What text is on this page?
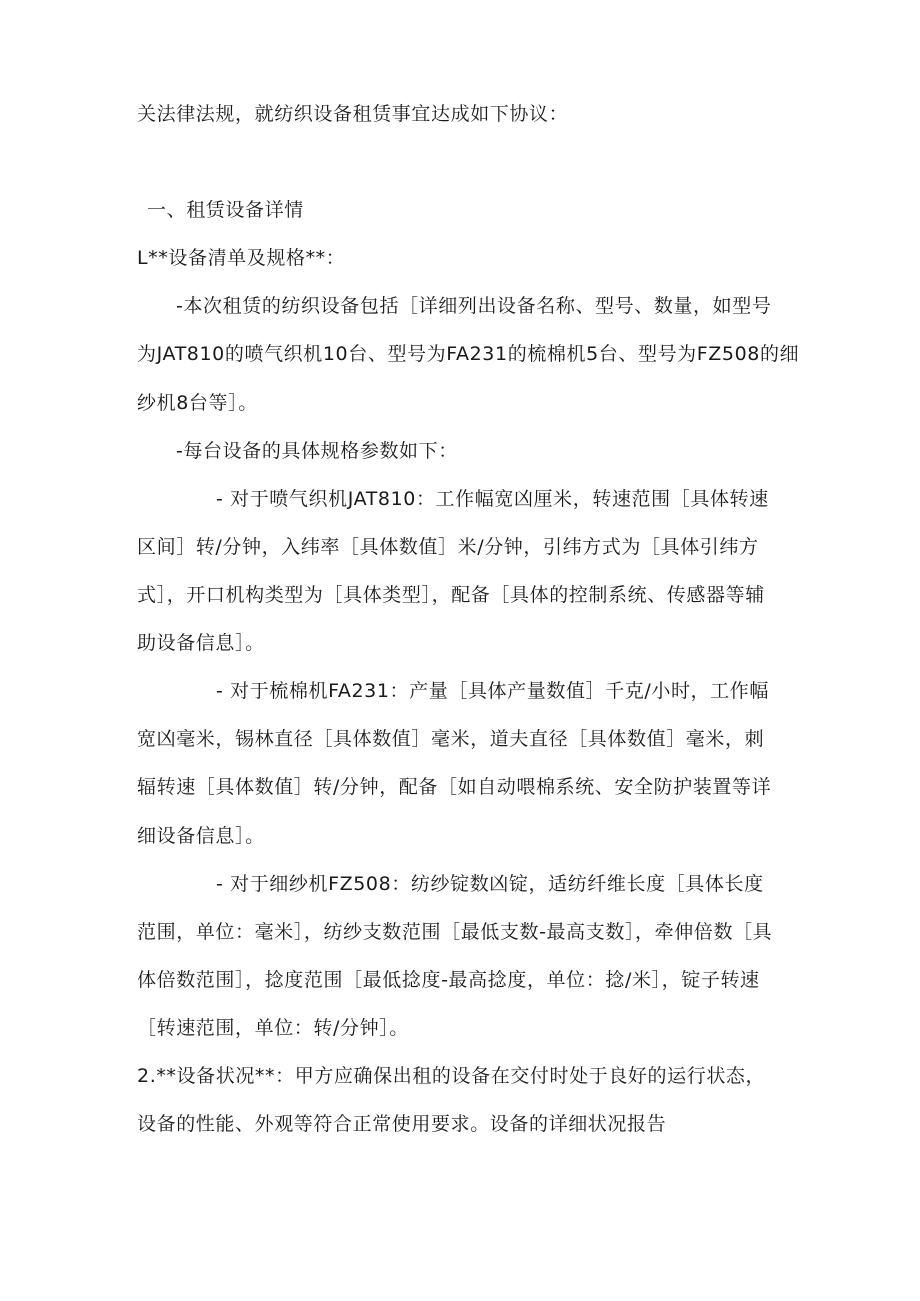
关法律法规，就纺织设备租赁事宜达成如下协议：
一、租赁设备详情
L**设备清单及规格**：
-本次租赁的纺织设备包括［详细列出设备名称、型号、数量，如型号
为JAT810的喷气织机10台、型号为FA231的梳棉机5台、型号为FZ508的细
纱机8台等］。
-每台设备的具体规格参数如下：
- 对于喷气织机JAT810：工作幅宽凶厘米，转速范围［具体转速
区间］转/分钟，入纬率［具体数值］米/分钟，引纬方式为［具体引纬方
式］，开口机构类型为［具体类型］，配备［具体的控制系统、传感器等辅
助设备信息］。
- 对于梳棉机FA231：产量［具体产量数值］千克/小时，工作幅
宽凶毫米，锡林直径［具体数值］毫米，道夫直径［具体数值］毫米，刺
辐转速［具体数值］转/分钟，配备［如自动喂棉系统、安全防护装置等详
细设备信息］。
- 对于细纱机FZ508：纺纱锭数凶锭，适纺纤维长度［具体长度
范围，单位：毫米］，纺纱支数范围［最低支数-最高支数］，牵伸倍数［具
体倍数范围］，捻度范围［最低捻度-最高捻度，单位：捻/米］，锭子转速
［转速范围，单位：转/分钟］。
2.**设备状况**：甲方应确保出租的设备在交付时处于良好的运行状态，
设备的性能、外观等符合正常使用要求。设备的详细状况报告
